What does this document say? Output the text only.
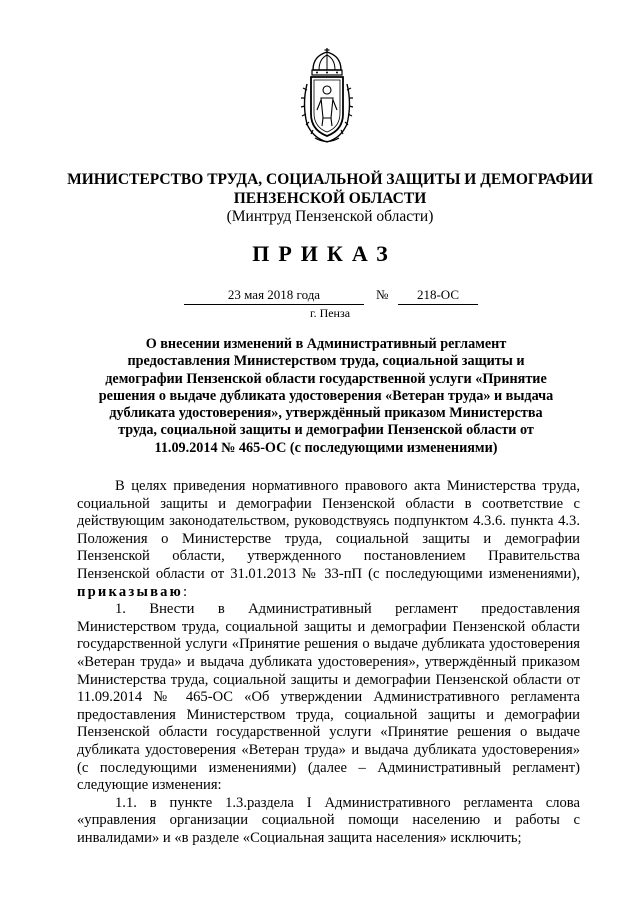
МИНИСТЕРСТВО ТРУДА, СОЦИАЛЬНОЙ ЗАЩИТЫ И ДЕМОГРАФИИ
ПЕНЗЕНСКОЙ ОБЛАСТИ
(Минтруд Пензенской области)
ПРИКАЗ
23 мая 2018 года	№	218-ОС
г. Пенза
О внесении изменений в Административный регламент
предоставления Министерством труда, социальной защиты и
демографии Пензенской области государственной услуги «Принятие
решения о выдаче дубликата удостоверения «Ветеран труда» и выдача
дубликата удостоверения», утверждённый приказом Министерства
труда, социальной защиты и демографии Пензенской области от
11.09.2014 № 465-ОС (с последующими изменениями)

В целях приведения нормативного правового акта Министерства труда, социальной защиты и демографии Пензенской области в соответствие с действующим законодательством, руководствуясь подпунктом 4.3.6. пункта 4.3. Положения о Министерстве труда, социальной защиты и демографии Пензенской области, утвержденного постановлением Правительства Пензенской области от 31.01.2013 № 33-пП (с последующими изменениями), приказываю:

1. Внести в Административный регламент предоставления Министерством труда, социальной защиты и демографии Пензенской области государственной услуги «Принятие решения о выдаче дубликата удостоверения «Ветеран труда» и выдача дубликата удостоверения», утверждённый приказом Министерства труда, социальной защиты и демографии Пензенской области от 11.09.2014 № 465-ОС «Об утверждении Административного регламента предоставления Министерством труда, социальной защиты и демографии Пензенской области государственной услуги «Принятие решения о выдаче дубликата удостоверения «Ветеран труда» и выдача дубликата удостоверения» (с последующими изменениями) (далее – Административный регламент) следующие изменения:

1.1. в пункте 1.3.раздела I Административного регламента слова «управления организации социальной помощи населению и работы с инвалидами» и «в разделе «Социальная защита населения» исключить;
